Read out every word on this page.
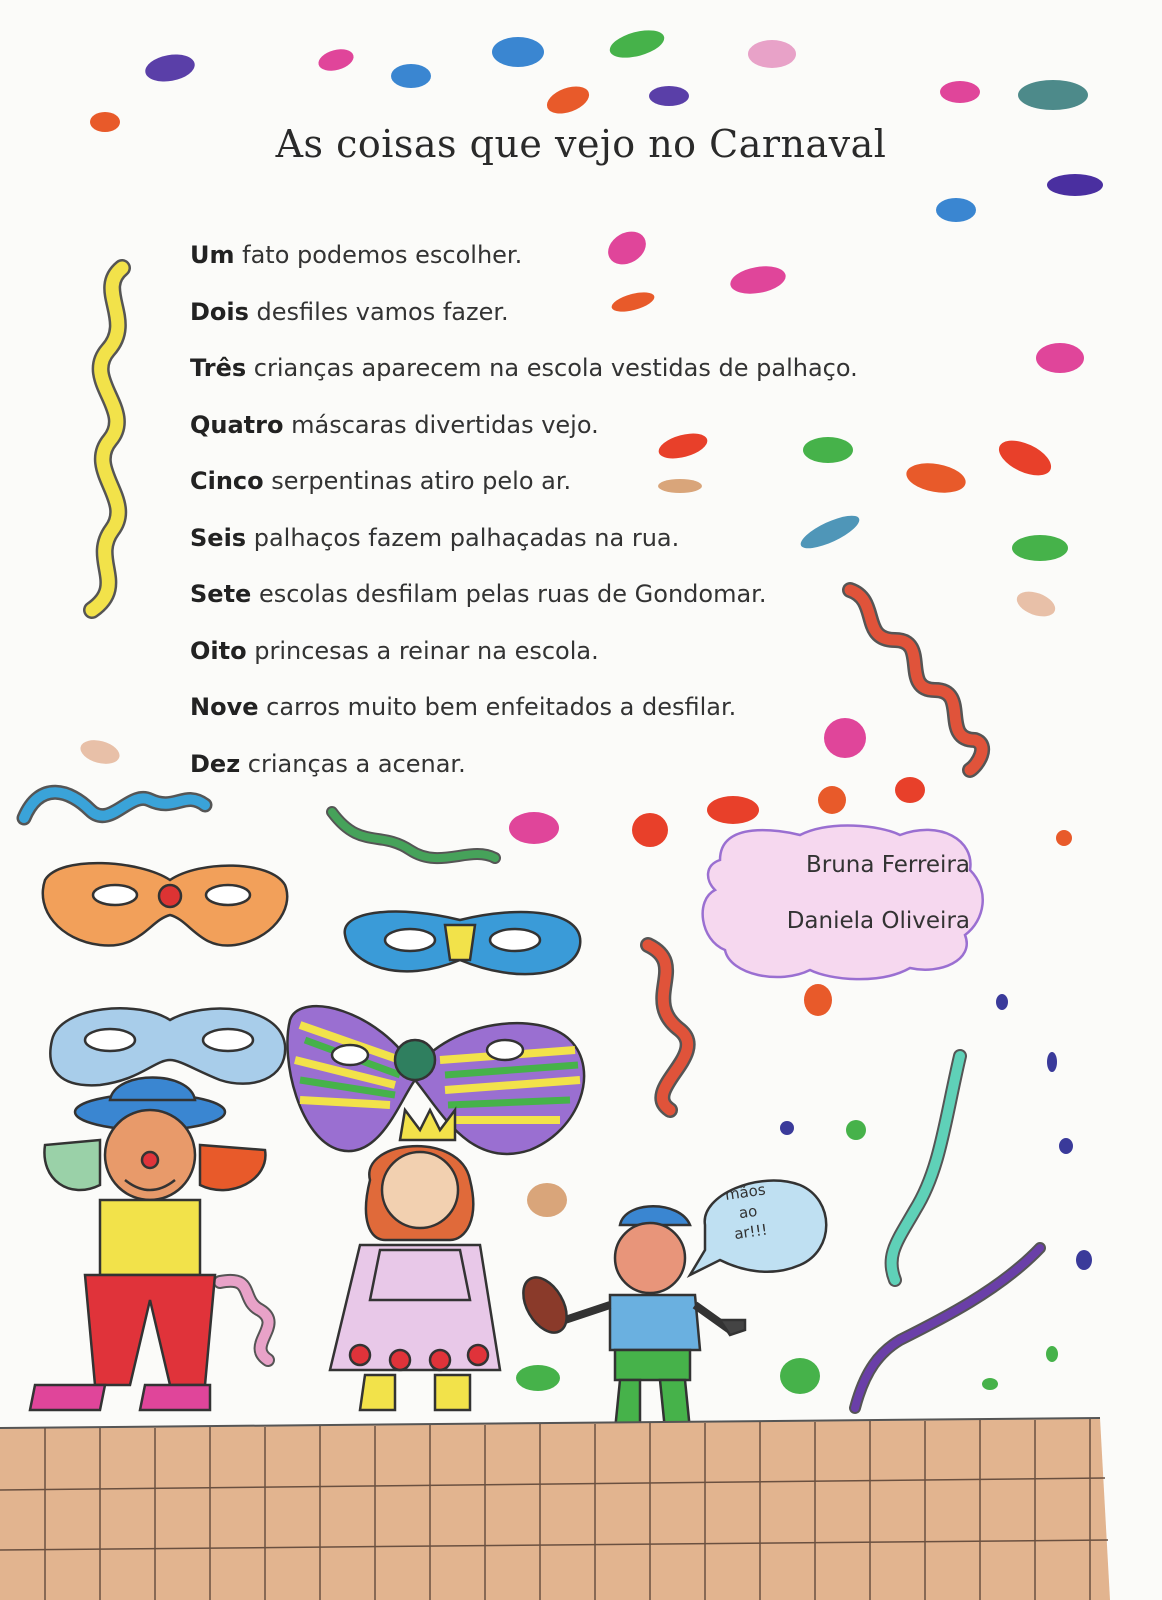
As coisas que vejo no Carnaval
Um fato podemos escolher.
Dois desfiles vamos fazer.
Três crianças aparecem na escola vestidas de palhaço.
Quatro máscaras divertidas vejo.
Cinco serpentinas atiro pelo ar.
Seis palhaços fazem palhaçadas na rua.
Sete escolas desfilam pelas ruas de Gondomar.
Oito princesas a reinar na escola.
Nove carros muito bem enfeitados a desfilar.
Dez crianças a acenar.
Bruna Ferreira
Daniela Oliveira
mãos
ao
ar!!!
